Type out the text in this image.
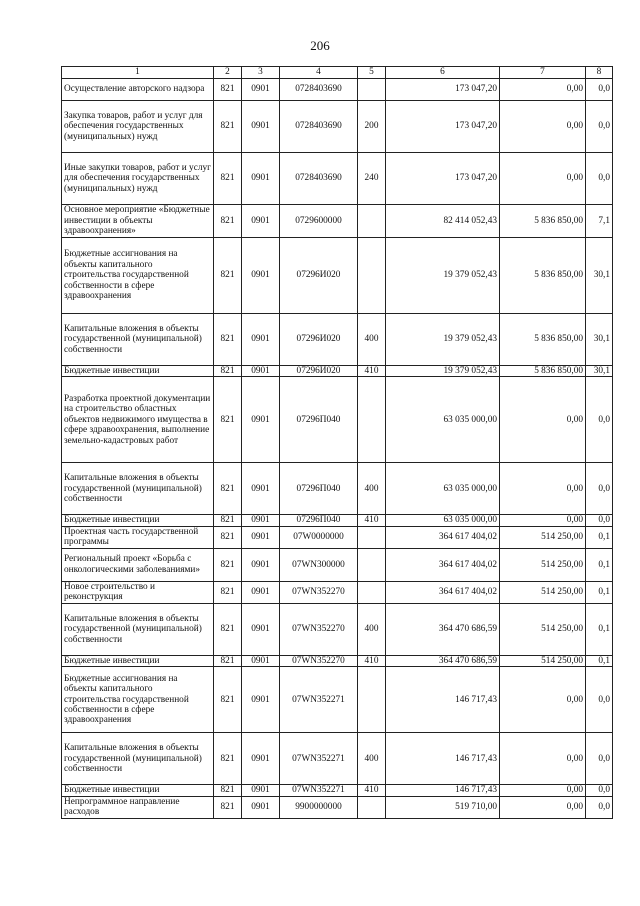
206
1	2	3	4	5	6	7	8
Осуществление авторского надзора	821	0901	0728403690		173 047,20	0,00	0,0
Закупка товаров, работ и услуг для обеспечения государственных (муниципальных) нужд	821	0901	0728403690	200	173 047,20	0,00	0,0
Иные закупки товаров, работ и услуг для обеспечения государственных (муниципальных) нужд	821	0901	0728403690	240	173 047,20	0,00	0,0
Основное мероприятие «Бюджетные инвестиции в объекты здравоохранения»	821	0901	0729600000		82 414 052,43	5 836 850,00	7,1
Бюджетные ассигнования на объекты капитального строительства государственной собственности в сфере здравоохранения	821	0901	07296И020		19 379 052,43	5 836 850,00	30,1
Капитальные вложения в объекты государственной (муниципальной) собственности	821	0901	07296И020	400	19 379 052,43	5 836 850,00	30,1
Бюджетные инвестиции	821	0901	07296И020	410	19 379 052,43	5 836 850,00	30,1
Разработка проектной документации на строительство областных объектов недвижимого имущества в сфере здравоохранения, выполнение земельно-кадастровых работ	821	0901	07296П040		63 035 000,00	0,00	0,0
Капитальные вложения в объекты государственной (муниципальной) собственности	821	0901	07296П040	400	63 035 000,00	0,00	0,0
Бюджетные инвестиции	821	0901	07296П040	410	63 035 000,00	0,00	0,0
Проектная часть государственной программы	821	0901	07W0000000		364 617 404,02	514 250,00	0,1
Региональный проект «Борьба с онкологическими заболеваниями»	821	0901	07WN300000		364 617 404,02	514 250,00	0,1
Новое строительство и реконструкция	821	0901	07WN352270		364 617 404,02	514 250,00	0,1
Капитальные вложения в объекты государственной (муниципальной) собственности	821	0901	07WN352270	400	364 470 686,59	514 250,00	0,1
Бюджетные инвестиции	821	0901	07WN352270	410	364 470 686,59	514 250,00	0,1
Бюджетные ассигнования на объекты капитального строительства государственной собственности в сфере здравоохранения	821	0901	07WN352271		146 717,43	0,00	0,0
Капитальные вложения в объекты государственной (муниципальной) собственности	821	0901	07WN352271	400	146 717,43	0,00	0,0
Бюджетные инвестиции	821	0901	07WN352271	410	146 717,43	0,00	0,0
Непрограммное направление расходов	821	0901	9900000000		519 710,00	0,00	0,0
